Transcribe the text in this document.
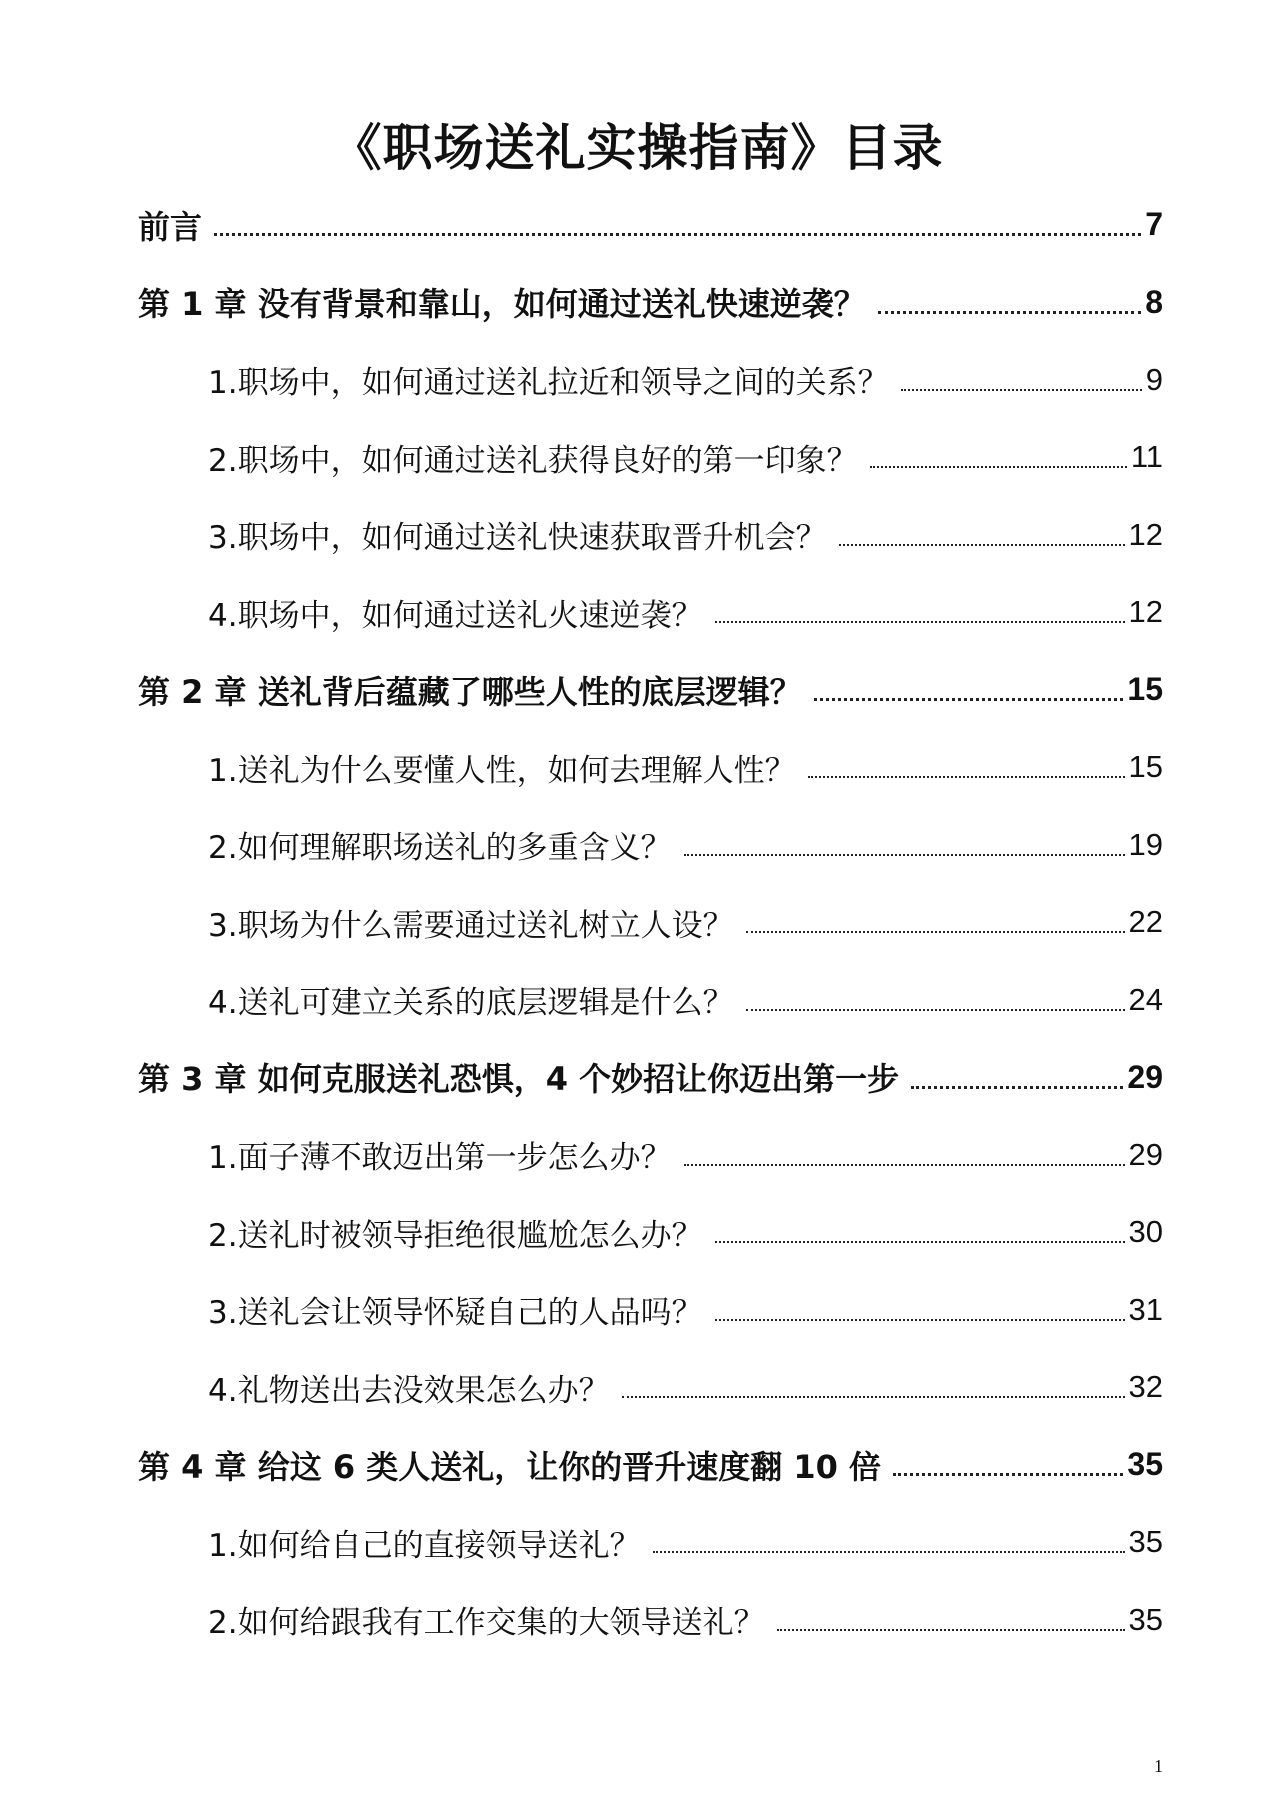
《职场送礼实操指南》目录
前言	7
第 1 章 没有背景和靠山，如何通过送礼快速逆袭？	8
1.职场中，如何通过送礼拉近和领导之间的关系？	9
2.职场中，如何通过送礼获得良好的第一印象？	11
3.职场中，如何通过送礼快速获取晋升机会？	12
4.职场中，如何通过送礼火速逆袭？	12
第 2 章 送礼背后蕴藏了哪些人性的底层逻辑？	15
1.送礼为什么要懂人性，如何去理解人性？	15
2.如何理解职场送礼的多重含义？	19
3.职场为什么需要通过送礼树立人设？	22
4.送礼可建立关系的底层逻辑是什么？	24
第 3 章 如何克服送礼恐惧，4 个妙招让你迈出第一步	29
1.面子薄不敢迈出第一步怎么办？	29
2.送礼时被领导拒绝很尴尬怎么办？	30
3.送礼会让领导怀疑自己的人品吗？	31
4.礼物送出去没效果怎么办？	32
第 4 章 给这 6 类人送礼，让你的晋升速度翻 10 倍	35
1.如何给自己的直接领导送礼？	35
2.如何给跟我有工作交集的大领导送礼？	35
1
